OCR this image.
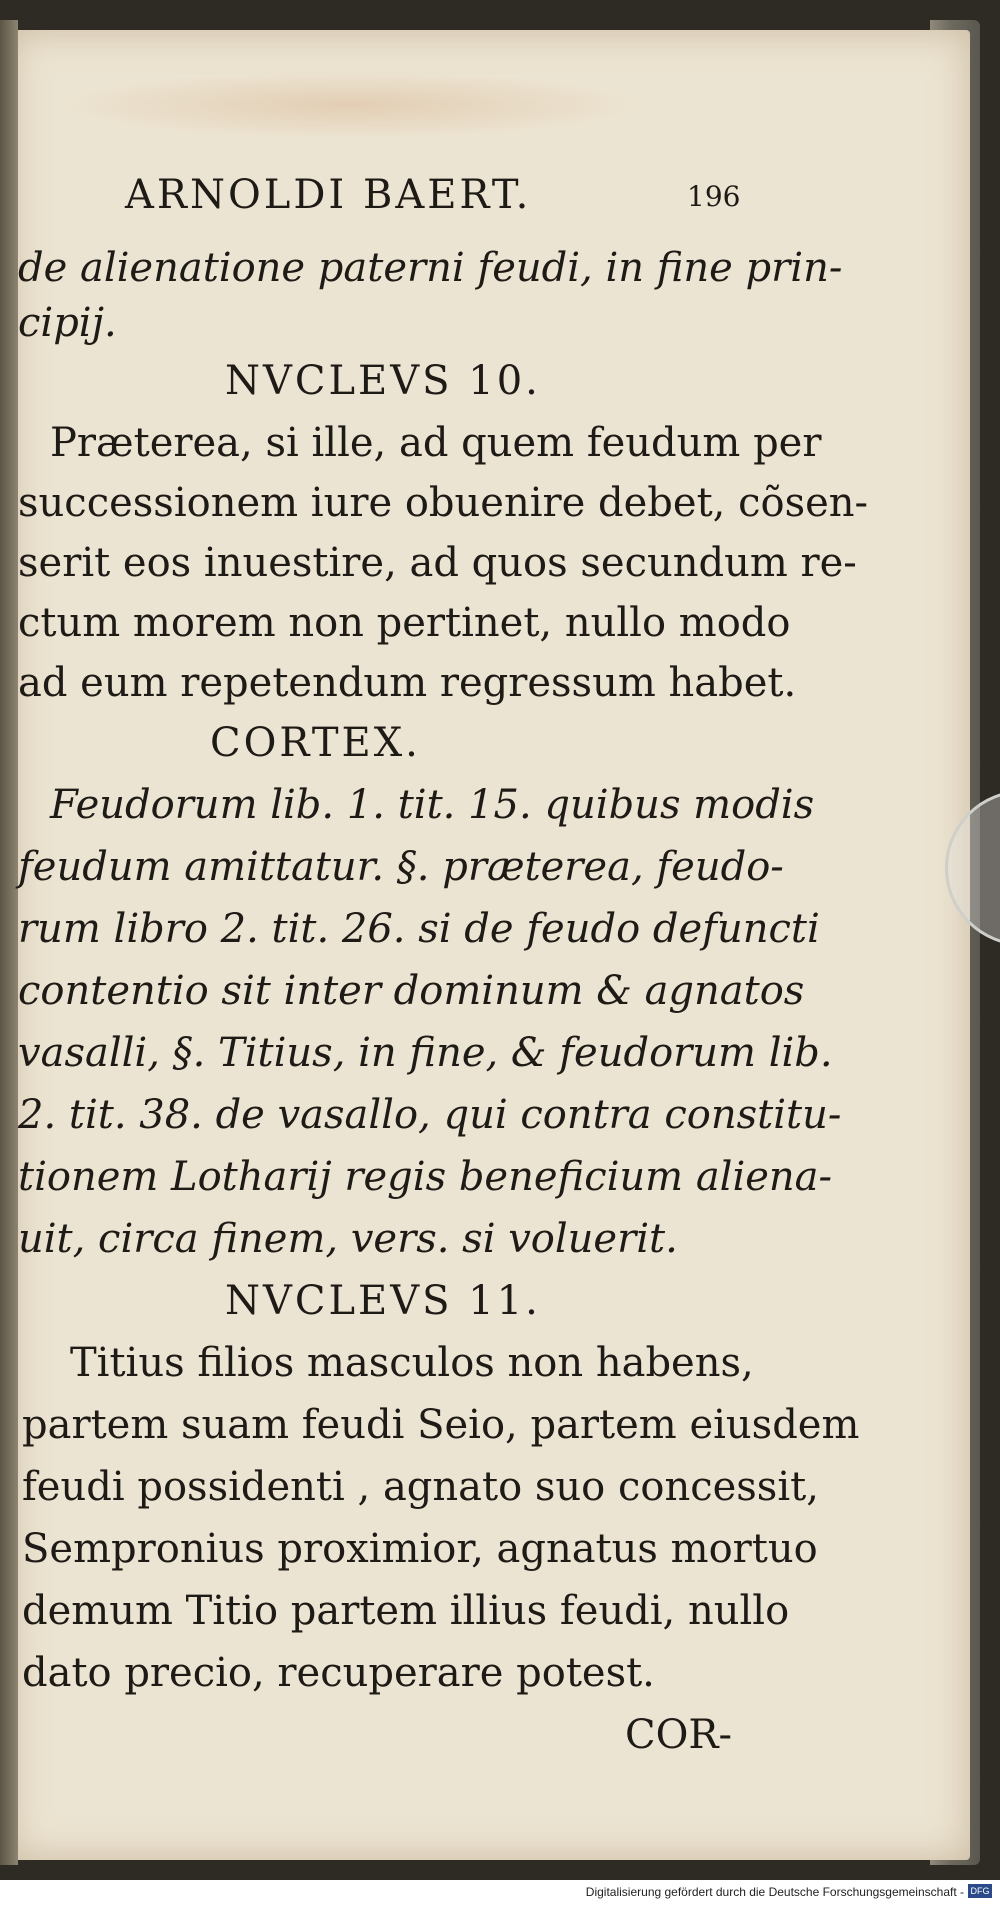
ARNOLDI BAERT.	196
de alienatione paterni feudi, in fine prin-
cipij.
NVCLEVS 10.
Præterea, si ille, ad quem feudum per
successionem iure obuenire debet, cõsen-
serit eos inuestire, ad quos secundum re-
ctum morem non pertinet, nullo modo
ad eum repetendum regressum habet.
CORTEX.
Feudorum lib. 1. tit. 15. quibus modis
feudum amittatur. §. præterea, feudo-
rum libro 2. tit. 26. si de feudo defuncti
contentio sit inter dominum & agnatos
vasalli, §. Titius, in fine, & feudorum lib.
2. tit. 38. de vasallo, qui contra constitu-
tionem Lotharij regis beneficium aliena-
uit, circa finem, vers. si voluerit.
NVCLEVS 11.
Titius filios masculos non habens,
partem suam feudi Seio, partem eiusdem
feudi possidenti , agnato suo concessit,
Sempronius proximior, agnatus mortuo
demum Titio partem illius feudi, nullo
dato precio, recuperare potest.
COR-
Digitalisierung gefördert durch die Deutsche Forschungsgemeinschaft - DFG
